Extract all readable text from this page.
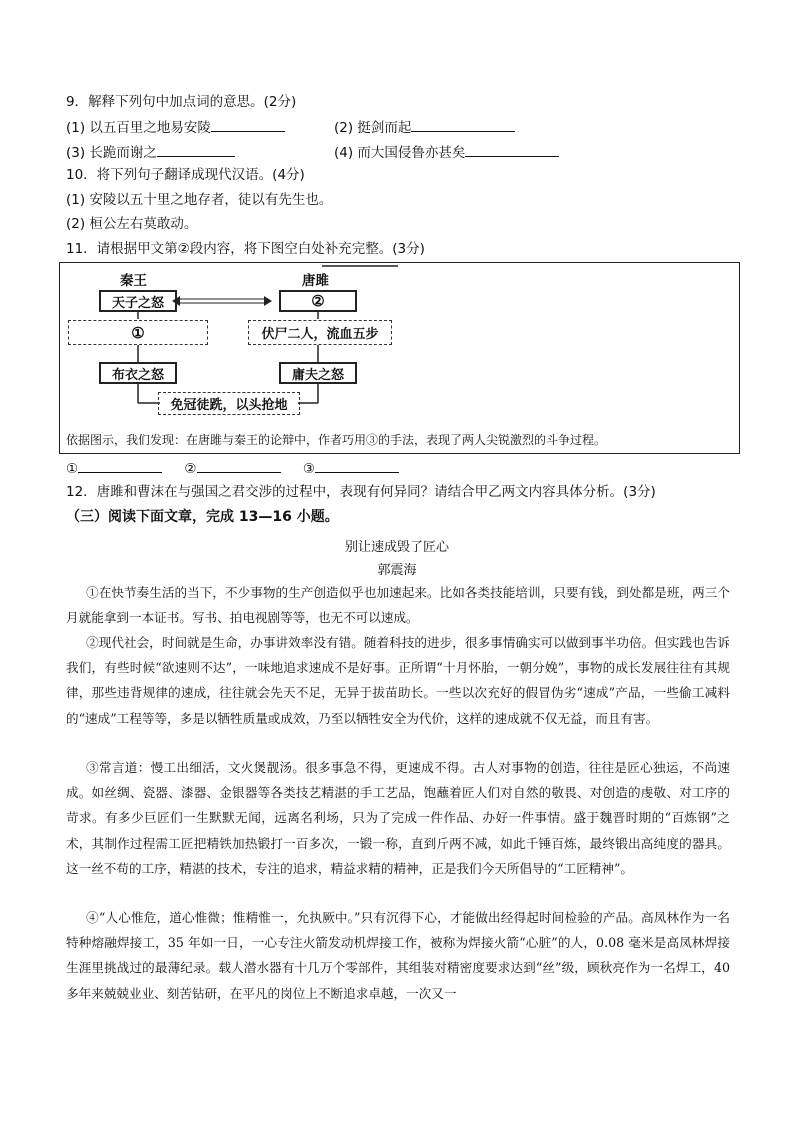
9．解释下列句中加点词的意思。(2分)
(1) 以五百里之地易安陵	(2) 挺剑而起
(3) 长跪而谢之	(4) 而大国侵鲁亦甚矣
10．将下列句子翻译成现代汉语。(4分)
(1) 安陵以五十里之地存者，徒以有先生也。
(2) 桓公左右莫敢动。
11．请根据甲文第②段内容，将下图空白处补充完整。(3分)
秦王	唐雎
天子之怒	②
①	伏尸二人，流血五步
布衣之怒	庸夫之怒
免冠徒跣，以头抢地
依据图示，我们发现：在唐雎与秦王的论辩中，作者巧用③的手法，表现了两人尖锐激烈的斗争过程。
①	②	③
12．唐雎和曹沫在与强国之君交涉的过程中，表现有何异同？请结合甲乙两文内容具体分析。(3分)
（三）阅读下面文章，完成 13—16 小题。
别让速成毁了匠心
郭震海
①在快节奏生活的当下，不少事物的生产创造似乎也加速起来。比如各类技能培训，只要有钱，到处都是班，两三个月就能拿到一本证书。写书、拍电视剧等等，也无不可以速成。
②现代社会，时间就是生命，办事讲效率没有错。随着科技的进步，很多事情确实可以做到事半功倍。但实践也告诉我们，有些时候“欲速则不达”，一味地追求速成不是好事。正所谓“十月怀胎，一朝分娩”，事物的成长发展往往有其规律，那些违背规律的速成，往往就会先天不足，无异于拔苗助长。一些以次充好的假冒伪劣“速成”产品，一些偷工减料的“速成”工程等等，多是以牺牲质量或成效，乃至以牺牲安全为代价，这样的速成就不仅无益，而且有害。
③常言道：慢工出细活，文火煲靓汤。很多事急不得，更速成不得。古人对事物的创造，往往是匠心独运，不尚速成。如丝绸、瓷器、漆器、金银器等各类技艺精湛的手工艺品，饱蘸着匠人们对自然的敬畏、对创造的虔敬、对工序的苛求。有多少巨匠们一生默默无闻，远离名利场，只为了完成一件作品、办好一件事情。盛于魏晋时期的“百炼钢”之术，其制作过程需工匠把精铁加热锻打一百多次，一锻一称，直到斤两不减，如此千锤百炼，最终锻出高纯度的器具。这一丝不苟的工序，精湛的技术，专注的追求，精益求精的精神，正是我们今天所倡导的“工匠精神”。
④“人心惟危，道心惟微；惟精惟一，允执厥中。”只有沉得下心，才能做出经得起时间检验的产品。高凤林作为一名特种熔融焊接工，35 年如一日，一心专注火箭发动机焊接工作，被称为焊接火箭“心脏”的人，0.08 毫米是高凤林焊接生涯里挑战过的最薄纪录。载人潜水器有十几万个零部件，其组装对精密度要求达到“丝”级，顾秋亮作为一名焊工，40 多年来兢兢业业、刻苦钻研，在平凡的岗位上不断追求卓越，一次又一
